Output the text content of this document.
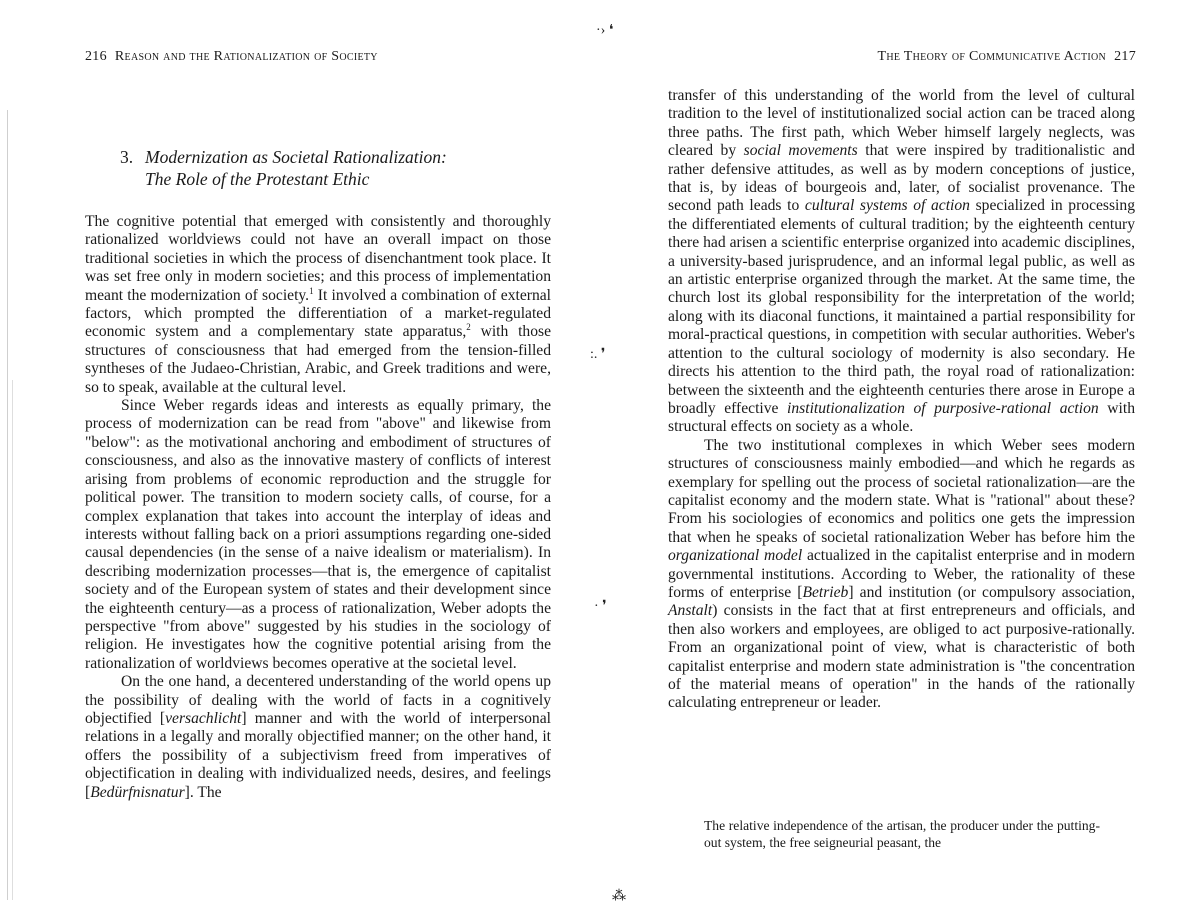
·› ❛
:. ❜
· ❜
⁂
216 Reason and the Rationalization of Society	The Theory of Communicative Action 217
3. Modernization as Societal Rationalization:
The Role of the Protestant Ethic

The cognitive potential that emerged with consistently and thoroughly rationalized worldviews could not have an overall impact on those traditional societies in which the process of disenchantment took place. It was set free only in modern societies; and this process of implementation meant the modernization of society.$^1$ It involved a combination of external factors, which prompted the differentiation of a market-regulated economic system and a complementary state apparatus,$^2$ with those structures of consciousness that had emerged from the tension-filled syntheses of the Judaeo-Christian, Arabic, and Greek traditions and were, so to speak, available at the cultural level.

Since Weber regards ideas and interests as equally primary, the process of modernization can be read from "above" and likewise from "below": as the motivational anchoring and embodiment of structures of consciousness, and also as the innovative mastery of conflicts of interest arising from problems of economic reproduction and the struggle for political power. The transition to modern society calls, of course, for a complex explanation that takes into account the interplay of ideas and interests without falling back on a priori assumptions regarding one-sided causal dependencies (in the sense of a naive idealism or materialism). In describing modernization processes—that is, the emergence of capitalist society and of the European system of states and their development since the eighteenth century—as a process of rationalization, Weber adopts the perspective "from above" suggested by his studies in the sociology of religion. He investigates how the cognitive potential arising from the rationalization of worldviews becomes operative at the societal level.

On the one hand, a decentered understanding of the world opens up the possibility of dealing with the world of facts in a cognitively objectified [versachlicht] manner and with the world of interpersonal relations in a legally and morally objectified manner; on the other hand, it offers the possibility of a subjectivism freed from imperatives of objectification in dealing with individualized needs, desires, and feelings [Bedürfnisnatur]. The

transfer of this understanding of the world from the level of cultural tradition to the level of institutionalized social action can be traced along three paths. The first path, which Weber himself largely neglects, was cleared by social movements that were inspired by traditionalistic and rather defensive attitudes, as well as by modern conceptions of justice, that is, by ideas of bourgeois and, later, of socialist provenance. The second path leads to cultural systems of action specialized in processing the differentiated elements of cultural tradition; by the eighteenth century there had arisen a scientific enterprise organized into academic disciplines, a university-based jurisprudence, and an informal legal public, as well as an artistic enterprise organized through the market. At the same time, the church lost its global responsibility for the interpretation of the world; along with its diaconal functions, it maintained a partial responsibility for moral-practical questions, in competition with secular authorities. Weber's attention to the cultural sociology of modernity is also secondary. He directs his attention to the third path, the royal road of rationalization: between the sixteenth and the eighteenth centuries there arose in Europe a broadly effective institutionalization of purposive-rational action with structural effects on society as a whole.

The two institutional complexes in which Weber sees modern structures of consciousness mainly embodied—and which he regards as exemplary for spelling out the process of societal rationalization—are the capitalist economy and the modern state. What is "rational" about these? From his sociologies of economics and politics one gets the impression that when he speaks of societal rationalization Weber has before him the organizational model actualized in the capitalist enterprise and in modern governmental institutions. According to Weber, the rationality of these forms of enterprise [Betrieb] and institution (or compulsory association, Anstalt) consists in the fact that at first entrepreneurs and officials, and then also workers and employees, are obliged to act purposive-rationally. From an organizational point of view, what is characteristic of both capitalist enterprise and modern state administration is "the concentration of the material means of operation" in the hands of the rationally calculating entrepreneur or leader.

The relative independence of the artisan, the producer under the putting-out system, the free seigneurial peasant, the
